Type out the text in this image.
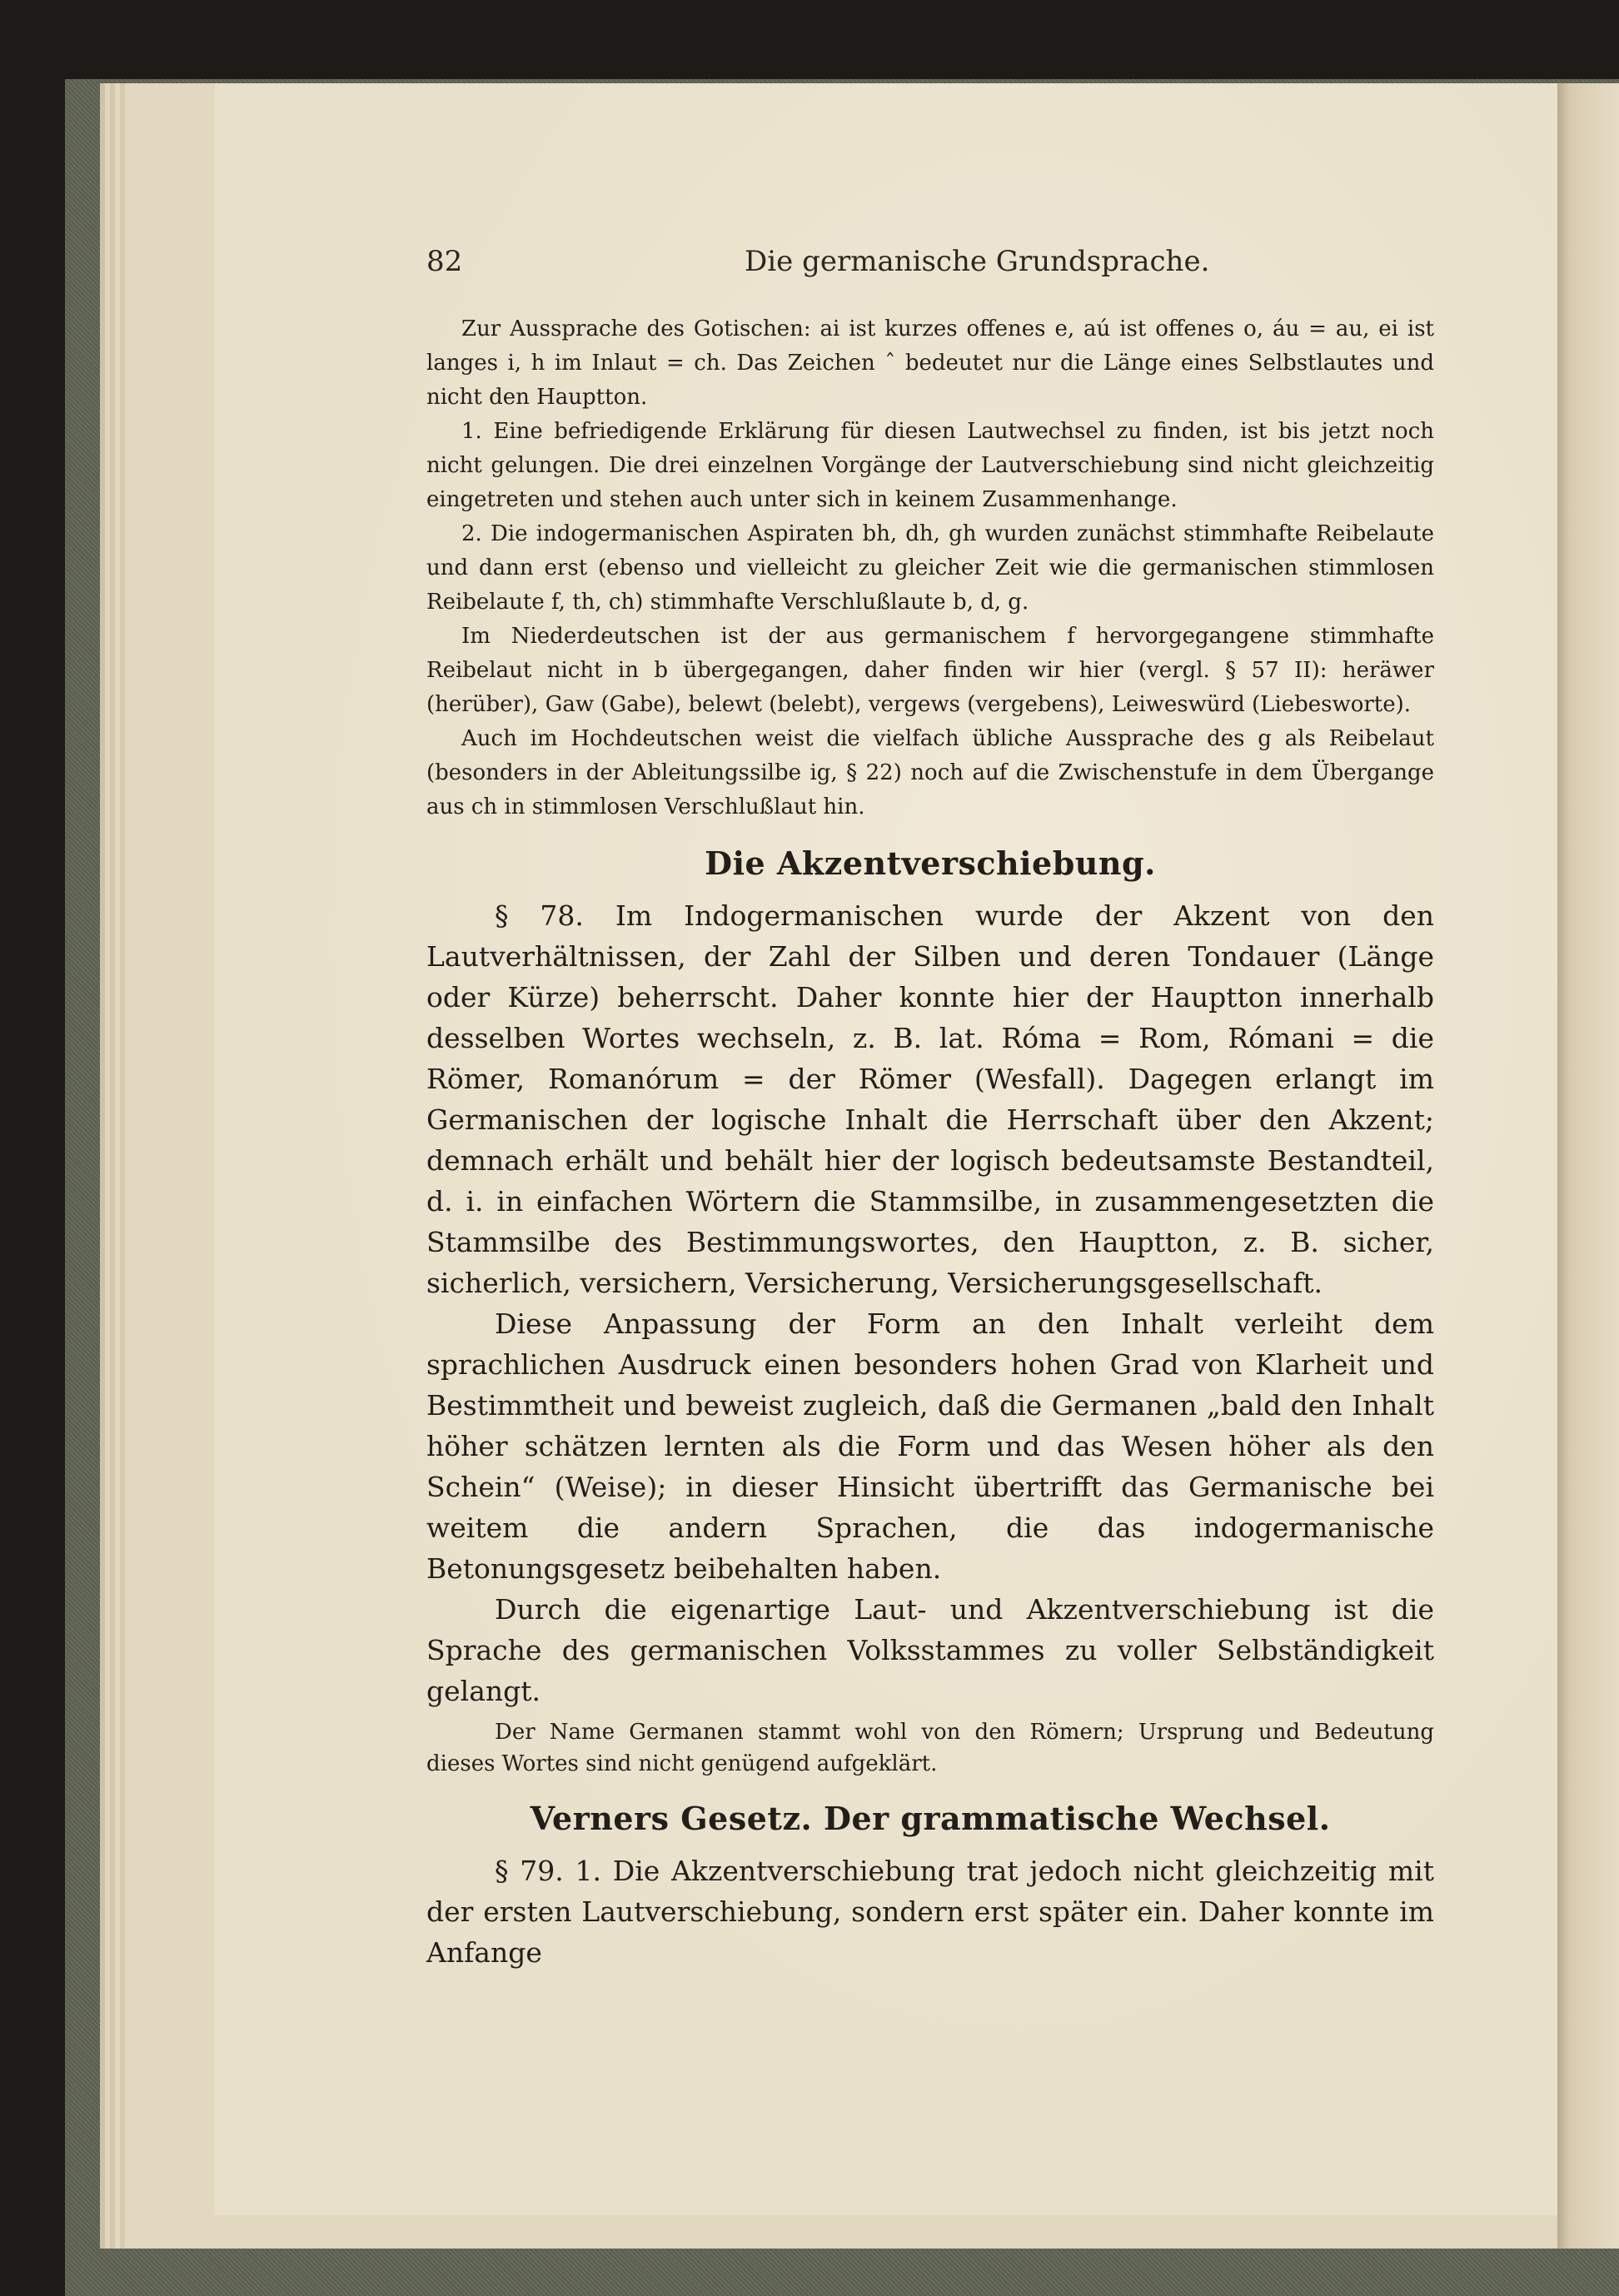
82	Die germanische Grundsprache.

Zur Aussprache des Gotischen: ai ist kurzes offenes e, aú ist offenes o, áu = au, ei ist langes i, h im Inlaut = ch. Das Zeichen ˆ bedeutet nur die Länge eines Selbstlautes und nicht den Hauptton.

1. Eine befriedigende Erklärung für diesen Lautwechsel zu finden, ist bis jetzt noch nicht gelungen. Die drei einzelnen Vorgänge der Lautverschiebung sind nicht gleichzeitig eingetreten und stehen auch unter sich in keinem Zusammenhange.

2. Die indogermanischen Aspiraten bh, dh, gh wurden zunächst stimmhafte Reibelaute und dann erst (ebenso und vielleicht zu gleicher Zeit wie die germanischen stimmlosen Reibelaute f, th, ch) stimmhafte Verschlußlaute b, d, g.

Im Niederdeutschen ist der aus germanischem f hervorgegangene stimmhafte Reibelaut nicht in b übergegangen, daher finden wir hier (vergl. § 57 II): heräwer (herüber), Gaw (Gabe), belewt (belebt), vergews (vergebens), Leiweswürd (Liebesworte).

Auch im Hochdeutschen weist die vielfach übliche Aussprache des g als Reibelaut (besonders in der Ableitungssilbe ig, § 22) noch auf die Zwischenstufe in dem Übergange aus ch in stimmlosen Verschlußlaut hin.

Die Akzentverschiebung.

§ 78. Im Indogermanischen wurde der Akzent von den Lautverhältnissen, der Zahl der Silben und deren Tondauer (Länge oder Kürze) beherrscht. Daher konnte hier der Hauptton innerhalb desselben Wortes wechseln, z. B. lat. Róma = Rom, Rómani = die Römer, Romanórum = der Römer (Wesfall). Dagegen erlangt im Germanischen der logische Inhalt die Herrschaft über den Akzent; demnach erhält und behält hier der logisch bedeutsamste Bestandteil, d. i. in einfachen Wörtern die Stammsilbe, in zusammengesetzten die Stammsilbe des Bestimmungswortes, den Hauptton, z. B. sicher, sicherlich, versichern, Versicherung, Versicherungsgesellschaft.

Diese Anpassung der Form an den Inhalt verleiht dem sprachlichen Ausdruck einen besonders hohen Grad von Klarheit und Bestimmtheit und beweist zugleich, daß die Germanen „bald den Inhalt höher schätzen lernten als die Form und das Wesen höher als den Schein“ (Weise); in dieser Hinsicht übertrifft das Germanische bei weitem die andern Sprachen, die das indogermanische Betonungsgesetz beibehalten haben.

Durch die eigenartige Laut- und Akzentverschiebung ist die Sprache des germanischen Volksstammes zu voller Selbständigkeit gelangt.

Der Name Germanen stammt wohl von den Römern; Ursprung und Bedeutung dieses Wortes sind nicht genügend aufgeklärt.

Verners Gesetz. Der grammatische Wechsel.

§ 79. 1. Die Akzentverschiebung trat jedoch nicht gleichzeitig mit der ersten Lautverschiebung, sondern erst später ein. Daher konnte im Anfange
